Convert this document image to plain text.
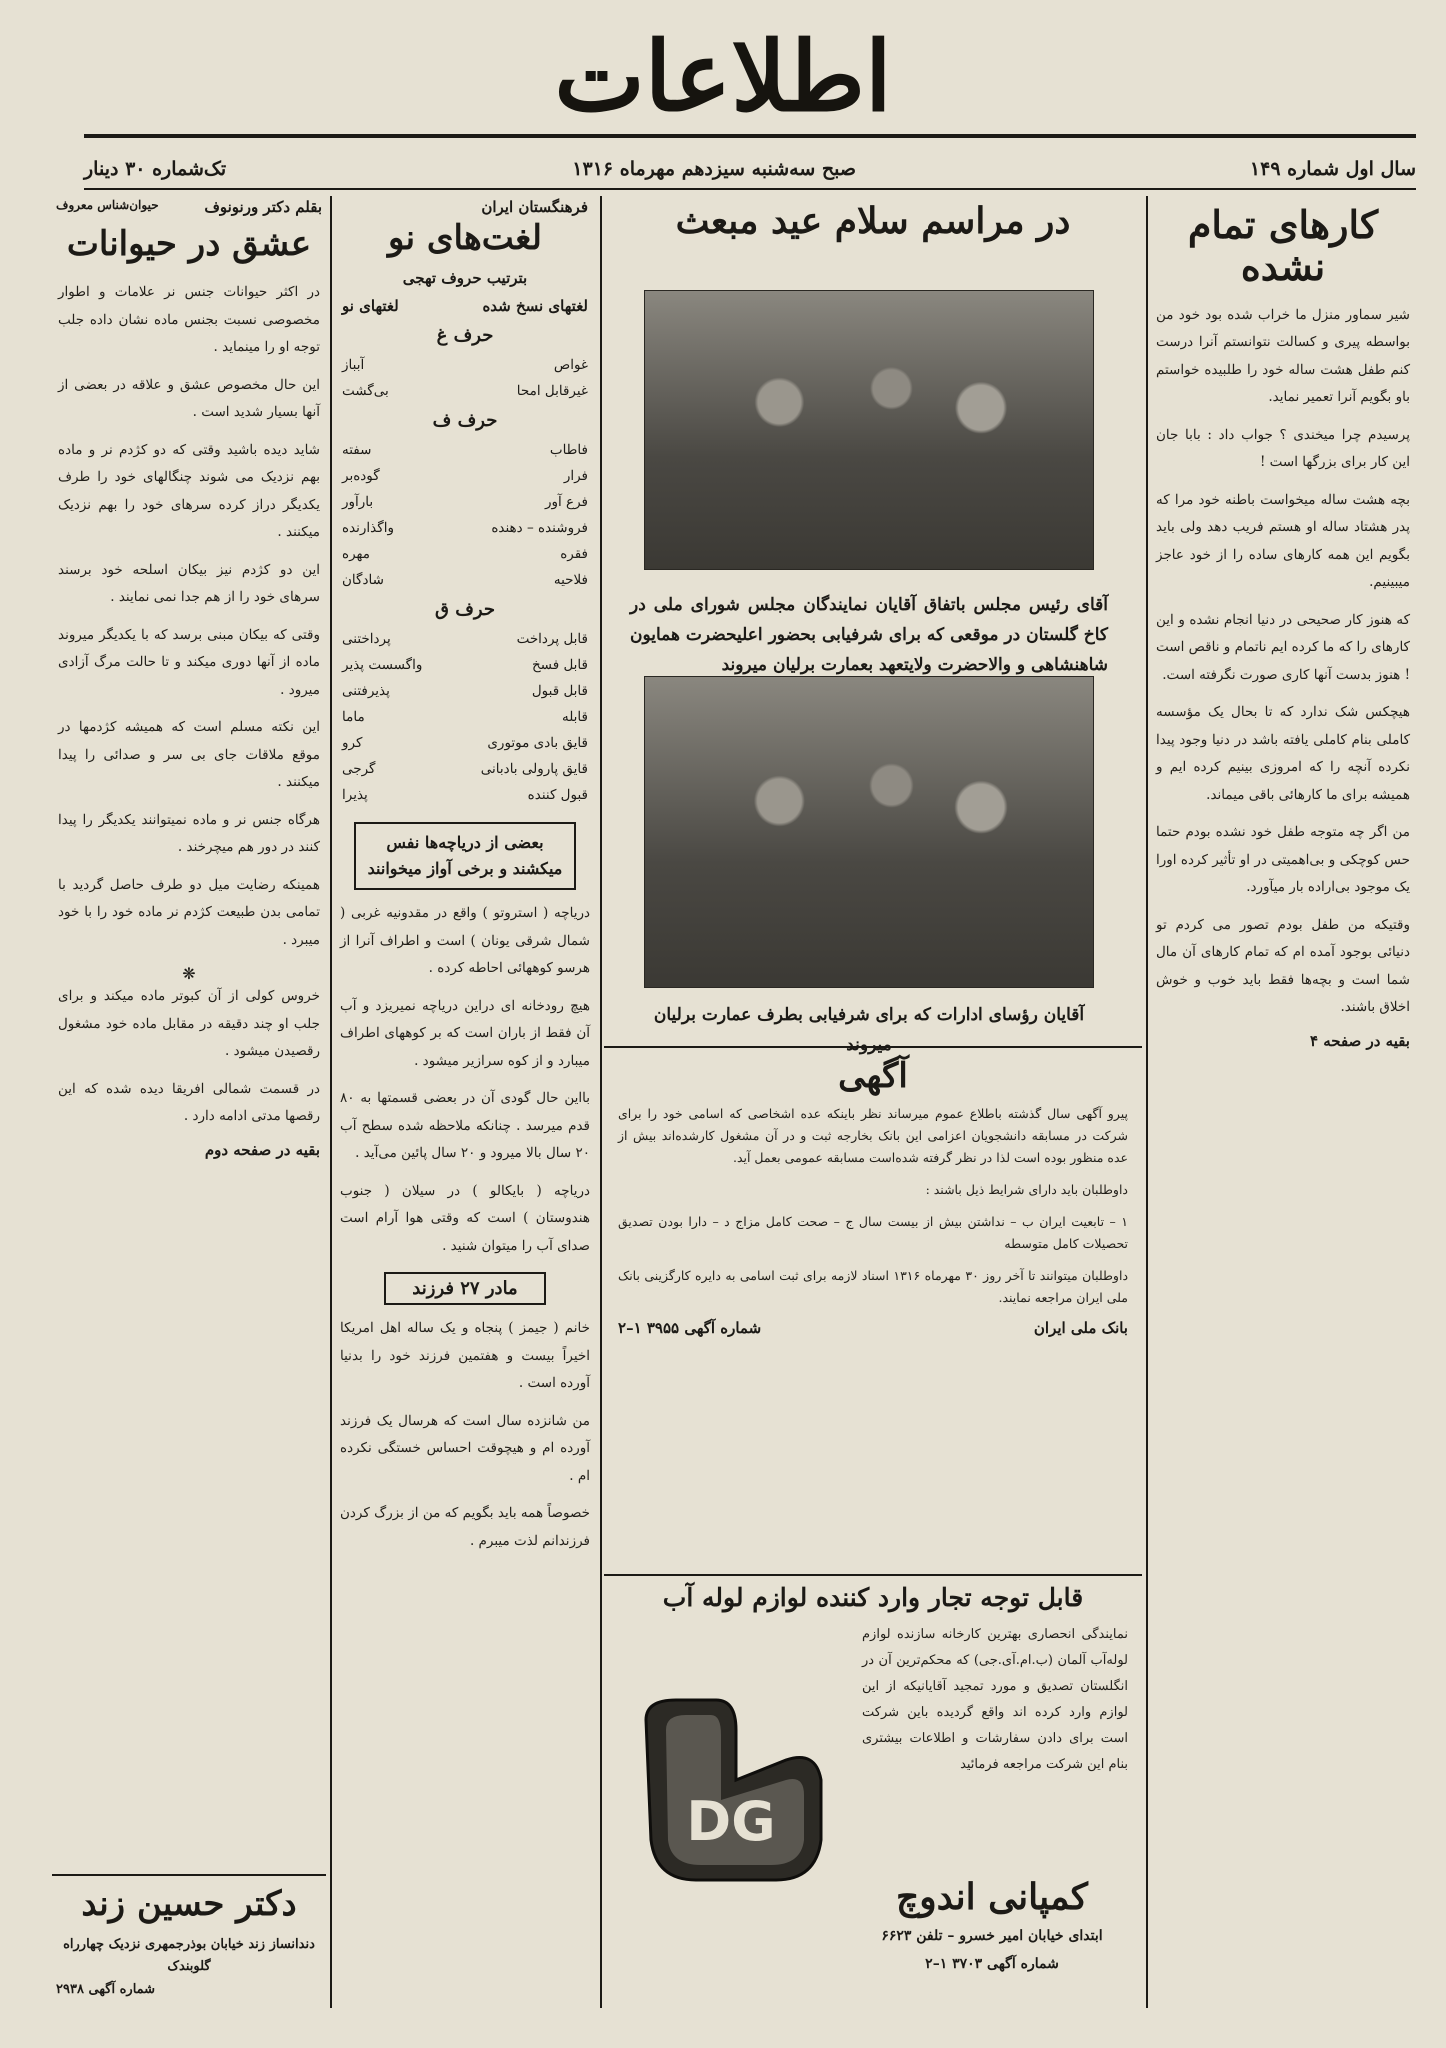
اطلاعات
سال اول شماره ۱۴۹
صبح سه‌شنبه سیزدهم مهرماه ۱۳۱۶
تک‌شماره ۳۰ دینار
کارهای تمام نشده

شیر سماور منزل ما خراب شده بود خود من بواسطه پیری و کسالت نتوانستم آنرا درست کنم طفل هشت ساله خود را طلبیده خواستم باو بگویم آنرا تعمیر نماید.

پرسیدم چرا میخندی ؟ جواب داد : بابا جان این کار برای بزرگها است !

بچه هشت ساله میخواست باطنه خود مرا که پدر هشتاد ساله او هستم فریب دهد ولی باید بگویم این همه کارهای ساده را از خود عاجز میبینیم.

که هنوز کار صحیحی در دنیا انجام نشده و این کارهای را که ما کرده ایم ناتمام و ناقص است ! هنوز بدست آنها کاری صورت نگرفته است.

هیچکس شک ندارد که تا بحال یک مؤسسه کاملی بنام کاملی یافته باشد در دنیا وجود پیدا نکرده آنچه را که امروزی بینیم کرده ایم و همیشه برای ما کارهائی باقی میماند.

من اگر چه متوجه طفل خود نشده بودم حتما حس کوچکی و بی‌اهمیتی در او تأثیر کرده اورا یک موجود بی‌اراده بار میآورد.

وقتیکه من طفل بودم تصور می کردم تو دنیائی بوجود آمده ام که تمام کارهای آن مال شما است و بچه‌ها فقط باید خوب و خوش اخلاق باشند.

بقیه در صفحه ۴
در مراسم سلام عید مبعث
آقای رئیس مجلس باتفاق آقایان نمایندگان مجلس شورای ملی در کاخ گلستان در موقعی که برای شرفیابی بحضور اعلیحضرت همایون شاهنشاهی و والاحضرت ولایتعهد بعمارت برلیان میروند
آقایان رؤسای ادارات که برای شرفیابی بطرف عمارت برلیان میروند
آگهی

پیرو آگهی سال گذشته باطلاع عموم میرساند نظر باینکه عده اشخاصی که اسامی خود را برای شرکت در مسابقه دانشجویان اعزامی این بانک بخارجه ثبت و در آن مشغول کارشده‌اند بیش از عده منظور بوده است لذا در نظر گرفته شده‌است مسابقه عمومی بعمل آید.

داوطلبان باید دارای شرایط ذیل باشند :

۱ – تابعیت ایران ب – نداشتن بیش از بیست سال ج – صحت کامل مزاج د – دارا بودن تصدیق تحصیلات کامل متوسطه

داوطلبان میتوانند تا آخر روز ۳۰ مهرماه ۱۳۱۶ اسناد لازمه برای ثبت اسامی به دایره کارگزینی بانک ملی ایران مراجعه نمایند.

بانک ملی ایران
شماره آگهی ۳۹۵۵ ۱–۲
قابل توجه تجار وارد کننده لوازم لوله آب

نمایندگی انحصاری بهترین کارخانه سازنده لوازم لوله‌آب آلمان (ب.ام.آی.جی) که محکم‌ترین آن در انگلستان تصدیق و مورد تمجید آقایانیکه از این لوازم وارد کرده اند واقع گردیده باین شرکت است برای دادن سفارشات و اطلاعات بیشتری بنام این شرکت مراجعه فرمائید

DG
کمپانی اندوچ
ابتدای خیابان امیر خسرو – تلفن ۶۶۲۳
شماره آگهی ۳۷۰۳ ۱–۲
فرهنگستان ایران
لغت‌های نو
بترتیب حروف تهجی
لغتهای نسخ شده
لغتهای نو
حرف غ
غواص
آبباز
غیرقابل امحا
بی‌گشت
حرف ف
فاطاب
سفته
فرار
گوده‌بر
فرع آور
بارآور
فروشنده – دهنده
واگذارنده
فقره
مهره
فلاحیه
شادگان
حرف ق
قابل پرداخت
پرداختنی
قابل فسخ
واگسست پذیر
قابل قبول
پذیرفتنی
قابله
ماما
قایق بادی موتوری
کرو
قایق پارولی بادبانی
گرجی
قبول کننده
پذیرا
بعضی از دریاچه‌ها نفس میکشند و برخی آواز میخوانند

دریاچه ( استروتو ) واقع در مقدونیه غربی ( شمال شرقی یونان ) است و اطراف آنرا از هرسو کوههائی احاطه کرده .

هیچ رودخانه ای دراین دریاچه نمیریزد و آب آن فقط از باران است که بر کوههای اطراف میبارد و از کوه سرازیر میشود .

بااین حال گودی آن در بعضی قسمتها به ۸۰ قدم میرسد . چنانکه ملاحظه شده سطح آب ۲۰ سال بالا میرود و ۲۰ سال پائین می‌آید .

دریاچه ( بایکالو ) در سیلان ( جنوب هندوستان ) است که وقتی هوا آرام است صدای آب را میتوان شنید .

مادر ۲۷ فرزند

خانم ( جیمز ) پنجاه و یک ساله اهل امریکا اخیراً بیست و هفتمین فرزند خود را بدنیا آورده است .

من شانزده سال است که هرسال یک فرزند آورده ام و هیچوقت احساس خستگی نکرده ام .

خصوصاً همه باید بگویم که من از بزرگ کردن فرزندانم لذت میبرم .

بقلم دکتر ورنونوف
حیوان‌شناس معروف
عشق در حیوانات

در اکثر حیوانات جنس نر علامات و اطوار مخصوصی نسبت بجنس ماده نشان داده جلب توجه او را مینماید .

این حال مخصوص عشق و علاقه در بعضی از آنها بسیار شدید است .

شاید دیده باشید وقتی که دو کژدم نر و ماده بهم نزدیک می شوند چنگالهای خود را طرف یکدیگر دراز کرده سرهای خود را بهم نزدیک میکنند .

این دو کژدم نیز بیکان اسلحه خود برسند سرهای خود را از هم جدا نمی نمایند .

وقتی که بیکان مبنی برسد که با یکدیگر میروند ماده از آنها دوری میکند و تا حالت مرگ آزادی میرود .

این نکته مسلم است که همیشه کژدمها در موقع ملاقات جای بی سر و صدائی را پیدا میکنند .

هرگاه جنس نر و ماده نمیتوانند یکدیگر را پیدا کنند در دور هم میچرخند .

همینکه رضایت میل دو طرف حاصل گردید با تمامی بدن طبیعت کژدم نر ماده خود را با خود میبرد .

❋

خروس کولی از آن کبوتر ماده میکند و برای جلب او چند دقیقه در مقابل ماده خود مشغول رقصیدن میشود .

در قسمت شمالی افریقا دیده شده که این رقصها مدتی ادامه دارد .

بقیه در صفحه دوم
دکتر حسین زند
دندانساز زند خیابان بوذرجمهری نزدیک چهارراه گلوبندک
شماره آگهی ۲۹۳۸
